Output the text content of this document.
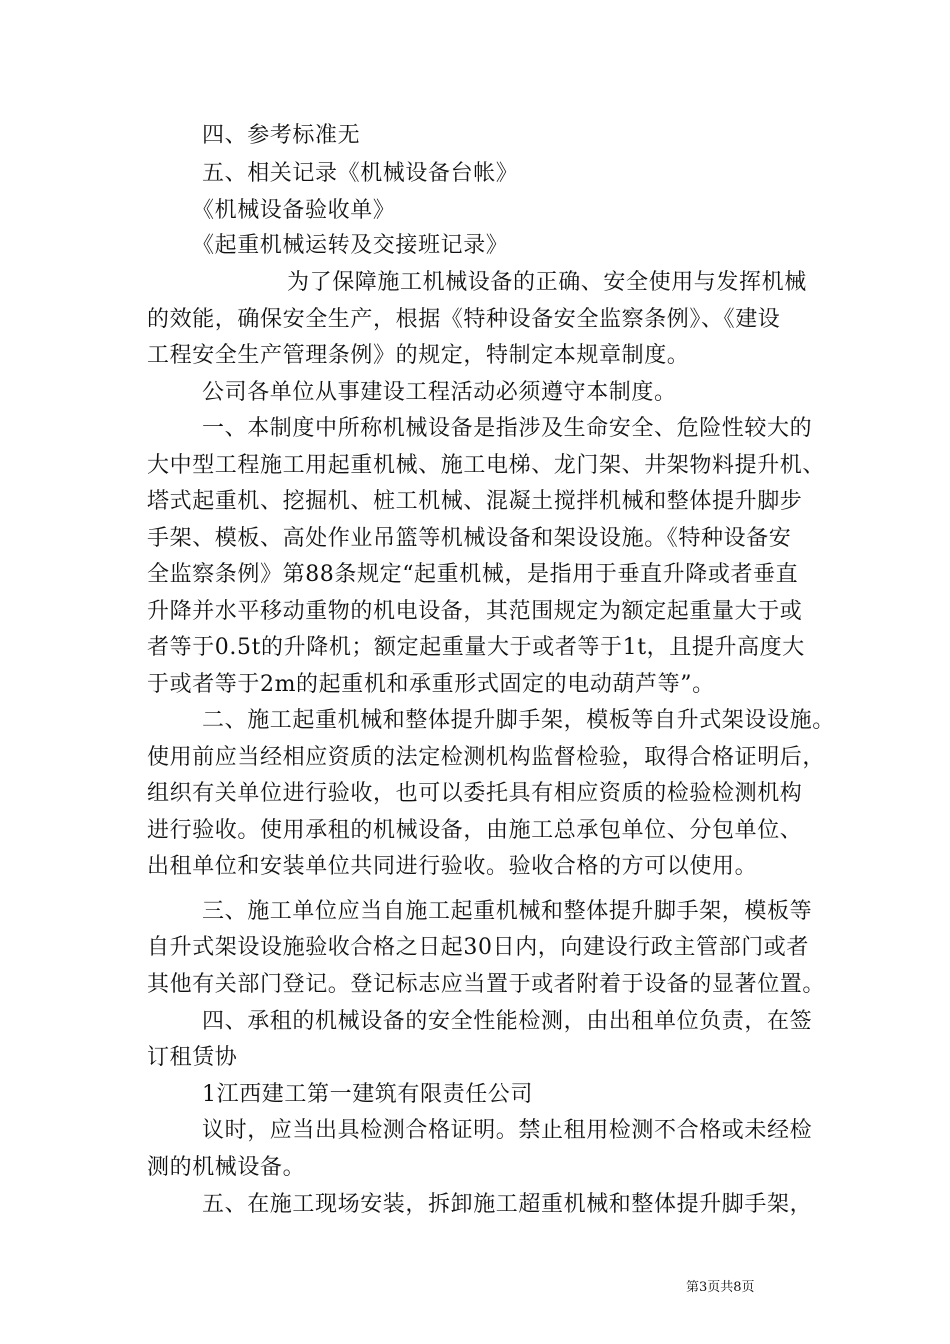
四、参考标准无
五、相关记录《机械设备台帐》
《机械设备验收单》
《起重机械运转及交接班记录》
为了保障施工机械设备的正确、安全使用与发挥机械
的效能，确保安全生产，根据《特种设备安全监察条例》、《建设
工程安全生产管理条例》的规定，特制定本规章制度。
公司各单位从事建设工程活动必须遵守本制度。
一、本制度中所称机械设备是指涉及生命安全、危险性较大的
大中型工程施工用起重机械、施工电梯、龙门架、井架物料提升机、
塔式起重机、挖掘机、桩工机械、混凝土搅拌机械和整体提升脚步
手架、模板、高处作业吊篮等机械设备和架设设施。《特种设备安
全监察条例》第88条规定“起重机械，是指用于垂直升降或者垂直
升降并水平移动重物的机电设备，其范围规定为额定起重量大于或
者等于0.5t的升降机；额定起重量大于或者等于1t，且提升高度大
于或者等于2m的起重机和承重形式固定的电动葫芦等”。
二、施工起重机械和整体提升脚手架，模板等自升式架设设施。
使用前应当经相应资质的法定检测机构监督检验，取得合格证明后，
组织有关单位进行验收，也可以委托具有相应资质的检验检测机构
进行验收。使用承租的机械设备，由施工总承包单位、分包单位、
出租单位和安装单位共同进行验收。验收合格的方可以使用。
三、施工单位应当自施工起重机械和整体提升脚手架，模板等
自升式架设设施验收合格之日起30日内，向建设行政主管部门或者
其他有关部门登记。登记标志应当置于或者附着于设备的显著位置。
四、承租的机械设备的安全性能检测，由出租单位负责，在签
订租赁协
1江西建工第一建筑有限责任公司
议时，应当出具检测合格证明。禁止租用检测不合格或未经检
测的机械设备。
五、在施工现场安装，拆卸施工超重机械和整体提升脚手架，
第3页共8页
